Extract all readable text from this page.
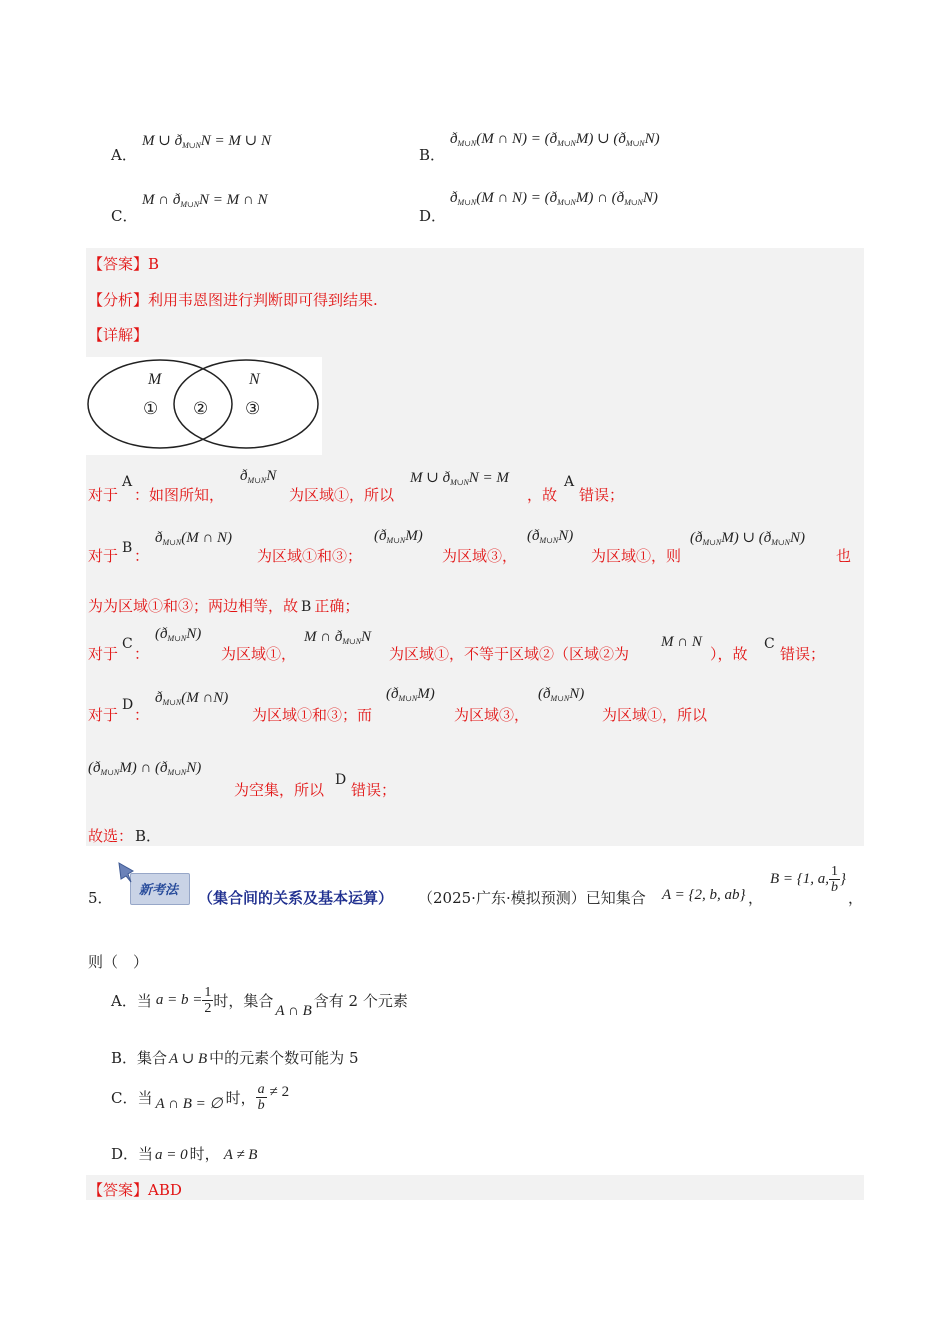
A．
M ∪ $ð_{M\cup N}N = M$ ∪ N
B．
$ð_{M\cup N}(M$ ∩ $N) = (ð_{M\cup N}M)$ ∪ $(ð_{M\cup N}N)$
C．
M ∩ $ð_{M\cup N}N = M$ ∩ N
D．
$ð_{M\cup N}(M$ ∩ $N) = (ð_{M\cup N}M)$ ∩ $(ð_{M\cup N}N)$
【答案】B
【分析】利用韦恩图进行判断即可得到结果.
【详解】
M	N
① ② ③
对于
A
：如图所知，
$ð_{M\cup N}N$
为区域①，所以
M ∪ $ð_{M\cup N}N = M$
，故
A
错误；
对于 B ：
$ð_{M\cup N}(M$ ∩ N)
为区域①和③；
$(ð_{M\cup N}M)$
为区域③，
$(ð_{M\cup N}N)$
为区域①，则
$(ð_{M\cup N}M)$ ∪ $(ð_{M\cup N}N)$
也
为为区域①和③；两边相等，故 B 正确；
对于
C
：
$(ð_{M\cup N}N)$
为区域①，
M ∩ $ð_{M\cup N}N$
为区域①，不等于区域②（区域②为
M ∩ N
），故
C
错误；
对于
D
：
$ð_{M\cup N}(M$ ∩N)
为区域①和③；而
$(ð_{M\cup N}M)$
为区域③，
$(ð_{M\cup N}N)$
为区域①，所以
$(ð_{M\cup N}M)$ ∩ $(ð_{M\cup N}N)$
为空集，所以
D
错误；
故选： B．
5． 新考法 （集合间的关系及基本运算） （2025·广东·模拟预测）已知集合 A = {2, b, ab} ，
B = {1, a, $\frac{1}{b}$ }
，
则（　）
A．当 $a = b = \frac{1}{2}$ 时，集合A ∩ B含有 2 个元素
B．集合 A ∪ B 中的元素个数可能为 5
C．当 A ∩ B = ∅ 时， $\frac{a}{b} \ne 2$
D．当 a = 0 时， A ≠ B
【答案】ABD
